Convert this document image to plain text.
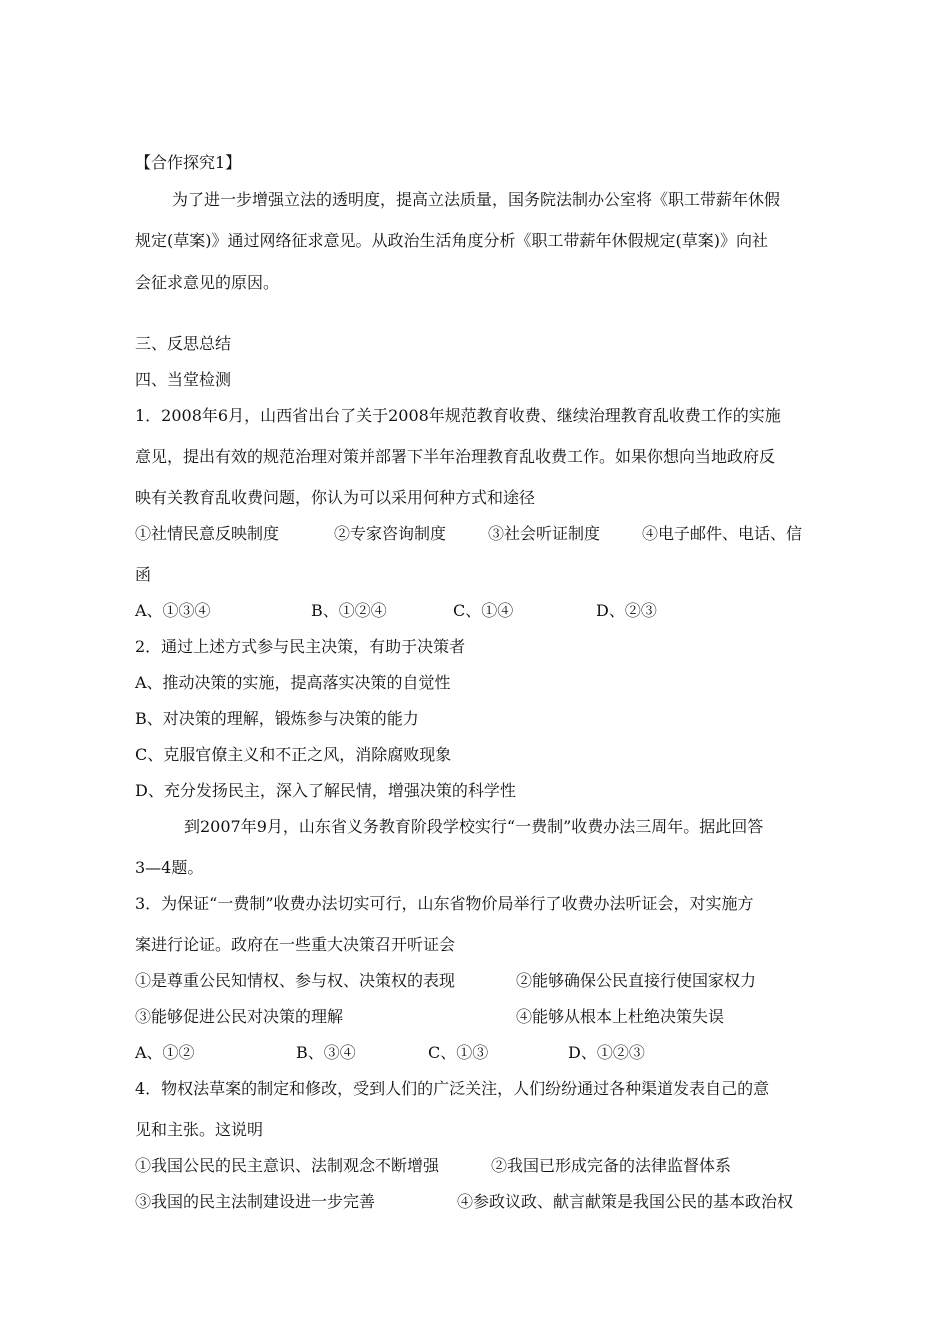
【合作探究1】
为了进一步增强立法的透明度，提高立法质量，国务院法制办公室将《职工带薪年休假
规定(草案)》通过网络征求意见。从政治生活角度分析《职工带薪年休假规定(草案)》向社
会征求意见的原因。
三、反思总结
四、当堂检测
1．2008年6月，山西省出台了关于2008年规范教育收费、继续治理教育乱收费工作的实施
意见，提出有效的规范治理对策并部署下半年治理教育乱收费工作。如果你想向当地政府反
映有关教育乱收费问题，你认为可以采用何种方式和途径
①社情民意反映制度	②专家咨询制度	③社会听证制度	④电子邮件、电话、信
函
A、①③④	B、①②④	C、①④	D、②③
2．通过上述方式参与民主决策，有助于决策者
A、推动决策的实施，提高落实决策的自觉性
B、对决策的理解，锻炼参与决策的能力
C、克服官僚主义和不正之风，消除腐败现象
D、充分发扬民主，深入了解民情，增强决策的科学性
到2007年9月，山东省义务教育阶段学校实行“一费制”收费办法三周年。据此回答
3—4题。
3．为保证“一费制”收费办法切实可行，山东省物价局举行了收费办法听证会，对实施方
案进行论证。政府在一些重大决策召开听证会
①是尊重公民知情权、参与权、决策权的表现	②能够确保公民直接行使国家权力
③能够促进公民对决策的理解	④能够从根本上杜绝决策失误
A、①②	B、③④	C、①③	D、①②③
4．物权法草案的制定和修改，受到人们的广泛关注，人们纷纷通过各种渠道发表自己的意
见和主张。这说明
①我国公民的民主意识、法制观念不断增强	②我国已形成完备的法律监督体系
③我国的民主法制建设进一步完善	④参政议政、献言献策是我国公民的基本政治权
